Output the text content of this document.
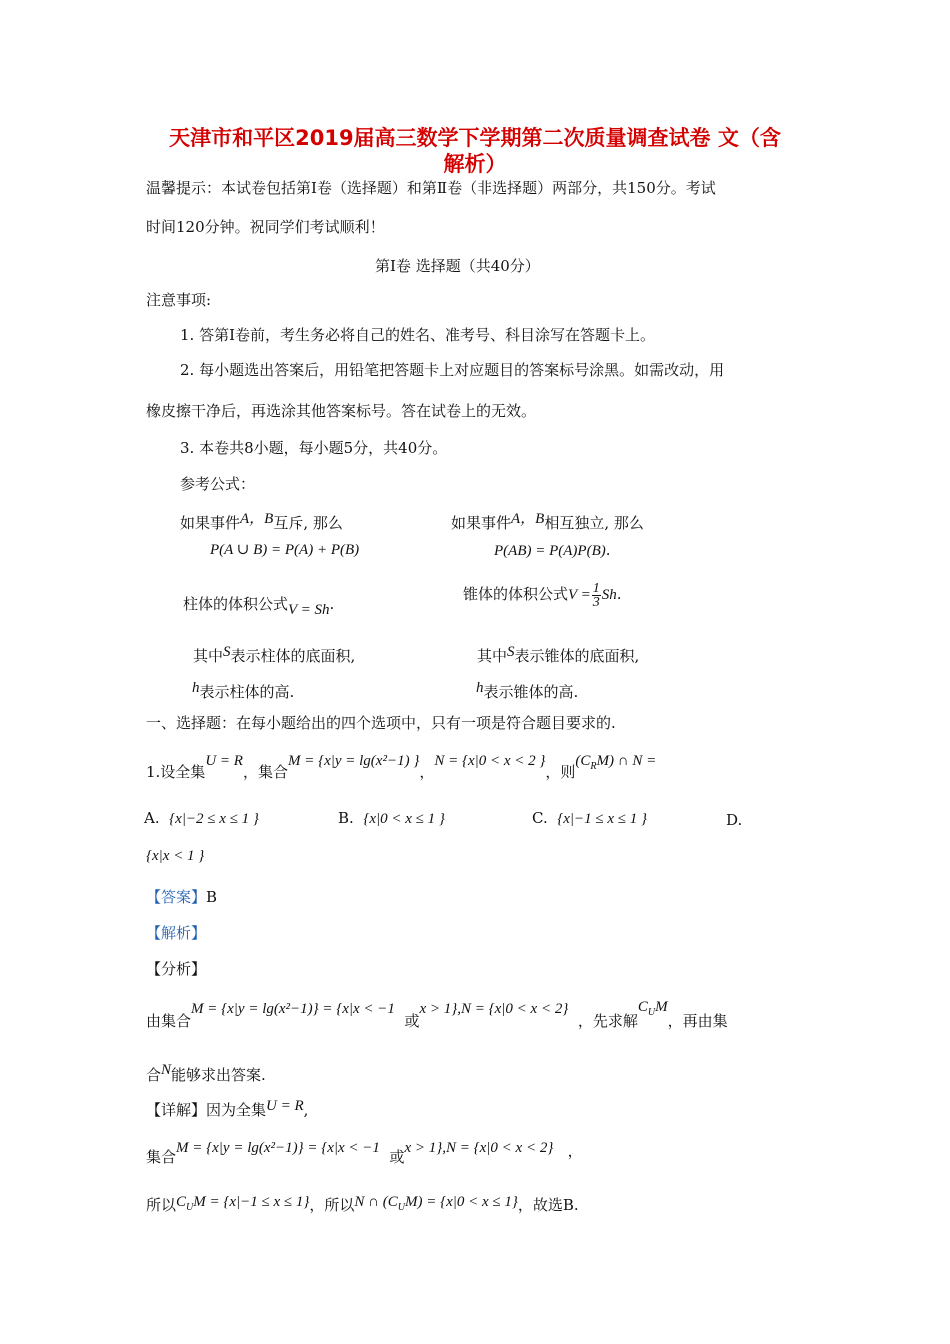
天津市和平区2019届高三数学下学期第二次质量调查试卷 文（含
解析）
温馨提示：本试卷包括第Ⅰ卷（选择题）和第Ⅱ卷（非选择题）两部分，共150分。考试
时间120分钟。祝同学们考试顺利！
第Ⅰ卷 选择题（共40分）
注意事项:
1. 答第Ⅰ卷前，考生务必将自己的姓名、准考号、科目涂写在答题卡上。
2. 每小题选出答案后，用铅笔把答题卡上对应题目的答案标号涂黑。如需改动，用
橡皮擦干净后，再选涂其他答案标号。答在试卷上的无效。
3. 本卷共8小题，每小题5分，共40分。
参考公式：
如果事件A，B互斥, 那么
P(A ∪ B) = P(A) + P(B)
如果事件A，B相互独立, 那么
P(AB) = P(A)P(B).
柱体的体积公式V = Sh.
锥体的体积公式$V = \frac{1}{3} Sh$.
其中S表示柱体的底面积,	其中S表示锥体的底面积,
h表示柱体的高.	h表示锥体的高.
一、选择题：在每小题给出的四个选项中，只有一项是符合题目要求的.
1.设全集U = R，集合M = {x|y = lg(x²−1) }，N = {x|0 < x < 2 }，则$(C_RM)$ ∩ N =
A. {x|−2 ≤ x ≤ 1 }	B. {x|0 < x ≤ 1 }	C. {x|−1 ≤ x ≤ 1 }	D.
{x|x < 1 }
【答案】B
【解析】
【分析】
由集合M = {x|y = lg(x²−1)} = {x|x < −1  或x > 1},N = {x|0 < x < 2}  ，先求解$C_UM$，再由集
合N能够求出答案.
【详解】因为全集U = R,
集合M = {x|y = lg(x²−1)} = {x|x < −1 或x > 1},N = {x|0 < x < 2} ，
所以$C_UM = \{x|-1 \le x \le 1\}$，所以N ∩ $(C_UM) = \{x|0 < x \le 1\}$，故选B.
